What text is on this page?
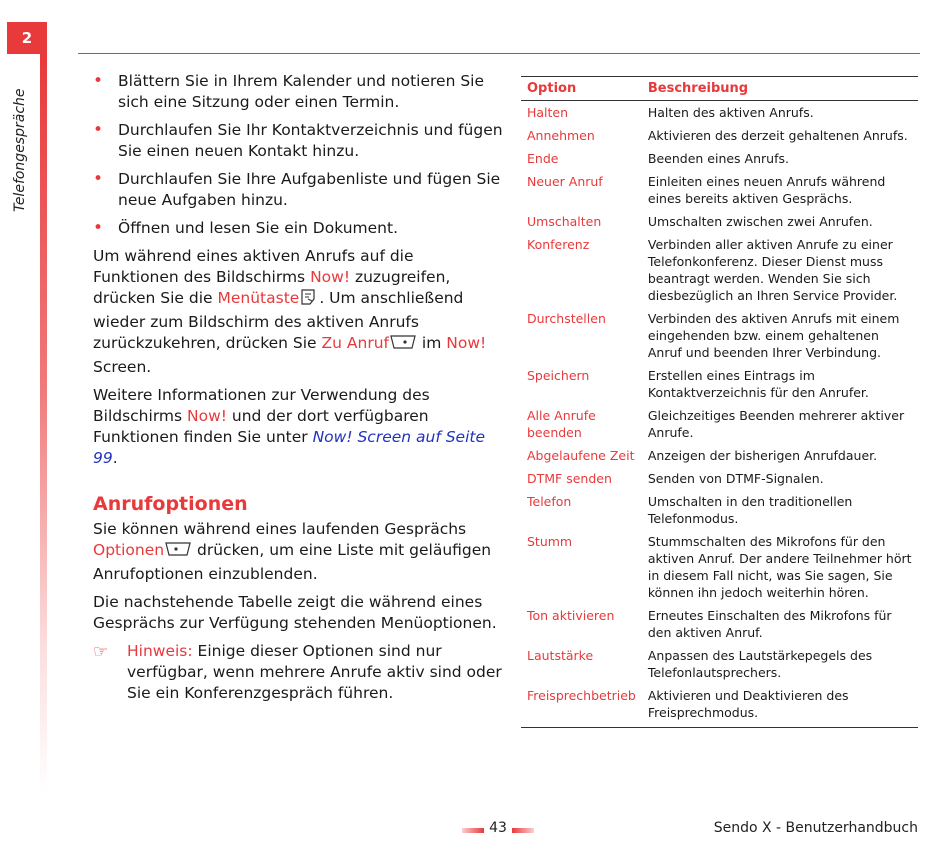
2
Telefongespräche
• Blättern Sie in Ihrem Kalender und notieren Sie sich eine Sitzung oder einen Termin.
• Durchlaufen Sie Ihr Kontaktverzeichnis und fügen Sie einen neuen Kontakt hinzu.
• Durchlaufen Sie Ihre Aufgabenliste und fügen Sie neue Aufgaben hinzu.
• Öffnen und lesen Sie ein Dokument.

Um während eines aktiven Anrufs auf die Funktionen des Bildschirms Now! zuzugreifen, drücken Sie die Menütaste . Um anschließend wieder zum Bildschirm des aktiven Anrufs zurückzukehren, drücken Sie Zu Anruf im Now! Screen.

Weitere Informationen zur Verwendung des Bildschirms Now! und der dort verfügbaren Funktionen finden Sie unter Now! Screen auf Seite 99.

Anrufoptionen

Sie können während eines laufenden Gesprächs Optionen drücken, um eine Liste mit geläufigen Anrufoptionen einzublenden.

Die nachstehende Tabelle zeigt die während eines Gesprächs zur Verfügung stehenden Menüoptionen.

☞ Hinweis: Einige dieser Optionen sind nur verfügbar, wenn mehrere Anrufe aktiv sind oder Sie ein Konferenzgespräch führen.

Option	Beschreibung
Halten	Halten des aktiven Anrufs.
Annehmen	Aktivieren des derzeit gehaltenen Anrufs.
Ende	Beenden eines Anrufs.
Neuer Anruf	Einleiten eines neuen Anrufs während eines bereits aktiven Gesprächs.
Umschalten	Umschalten zwischen zwei Anrufen.
Konferenz	Verbinden aller aktiven Anrufe zu einer Telefonkonferenz. Dieser Dienst muss beantragt werden. Wenden Sie sich diesbezüglich an Ihren Service Provider.
Durchstellen	Verbinden des aktiven Anrufs mit einem eingehenden bzw. einem gehaltenen Anruf und beenden Ihrer Verbindung.
Speichern	Erstellen eines Eintrags im Kontaktverzeichnis für den Anrufer.
Alle Anrufe beenden	Gleichzeitiges Beenden mehrerer aktiver Anrufe.
Abgelaufene Zeit	Anzeigen der bisherigen Anrufdauer.
DTMF senden	Senden von DTMF-Signalen.
Telefon	Umschalten in den traditionellen Telefonmodus.
Stumm	Stummschalten des Mikrofons für den aktiven Anruf. Der andere Teilnehmer hört in diesem Fall nicht, was Sie sagen, Sie können ihn jedoch weiterhin hören.
Ton aktivieren	Erneutes Einschalten des Mikrofons für den aktiven Anruf.
Lautstärke	Anpassen des Lautstärkepegels des Telefonlautsprechers.
Freisprechbetrieb	Aktivieren und Deaktivieren des Freisprechmodus.
43	Sendo X - Benutzerhandbuch
